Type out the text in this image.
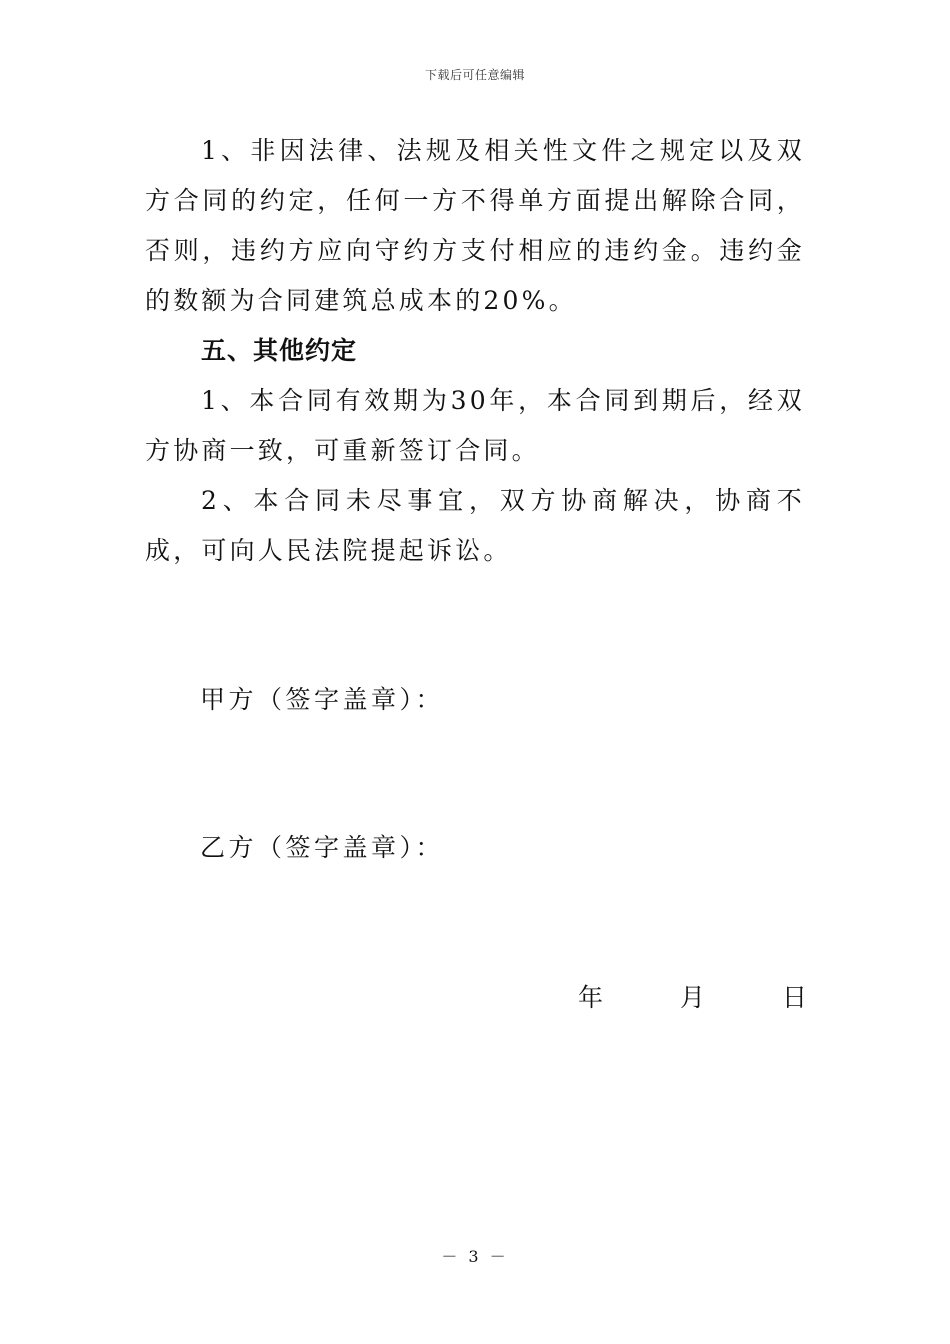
下载后可任意编辑

1、非因法律、法规及相关性文件之规定以及双方合同的约定，任何一方不得单方面提出解除合同，否则，违约方应向守约方支付相应的违约金。违约金的数额为合同建筑总成本的20%。

五、其他约定

1、本合同有效期为30年，本合同到期后，经双方协商一致，可重新签订合同。

2、本合同未尽事宜，双方协商解决，协商不成，可向人民法院提起诉讼。

甲方（签字盖章）：
乙方（签字盖章）：
年	月	日
－ 3 －
